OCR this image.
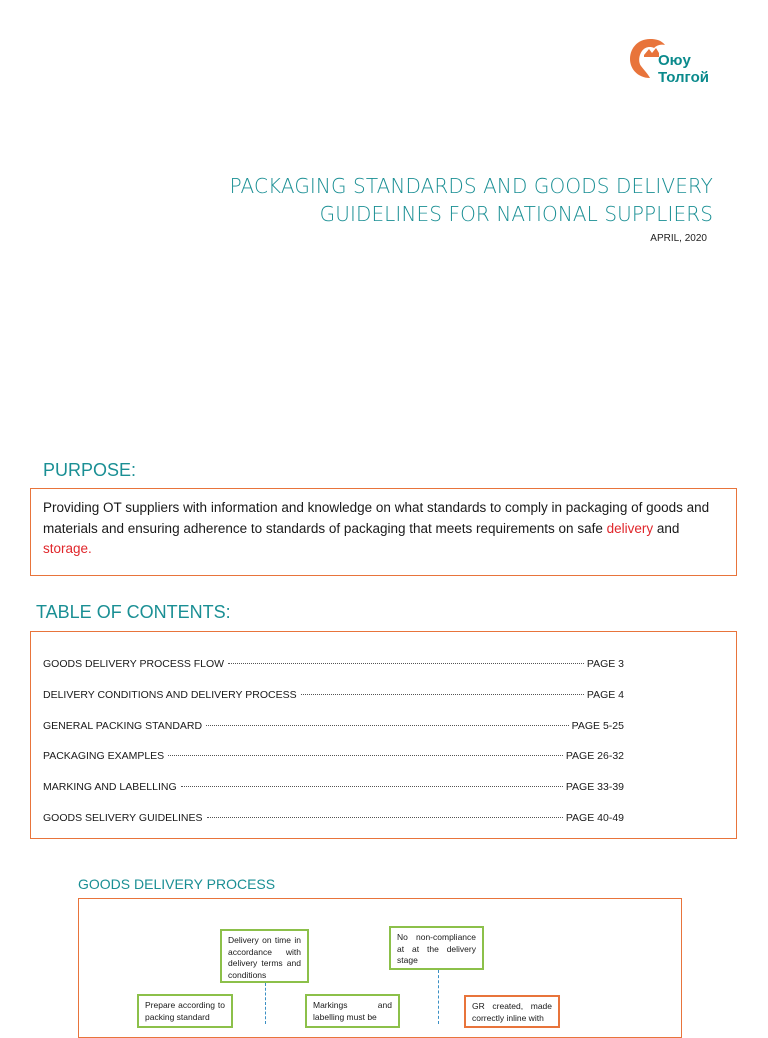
Оюу
Толгой
PACKAGING STANDARDS AND GOODS DELIVERY
GUIDELINES FOR NATIONAL SUPPLIERS
APRIL, 2020
PURPOSE:
Providing OT suppliers with information and knowledge on what standards to comply in packaging of goods and materials and ensuring adherence to standards of packaging that meets requirements on safe delivery and storage.
TABLE OF CONTENTS:
GOODS DELIVERY PROCESS FLOW	PAGE 3
DELIVERY CONDITIONS AND DELIVERY PROCESS	PAGE 4
GENERAL PACKING STANDARD	PAGE 5-25
PACKAGING EXAMPLES	PAGE 26-32
MARKING AND LABELLING	PAGE 33-39
GOODS SELIVERY GUIDELINES	PAGE 40-49
GOODS DELIVERY PROCESS
Delivery on time in accordance with delivery terms and conditions
No non-compliance at at the delivery stage
Prepare according to packing standard
Markings and labelling must be
GR created, made correctly inline with
